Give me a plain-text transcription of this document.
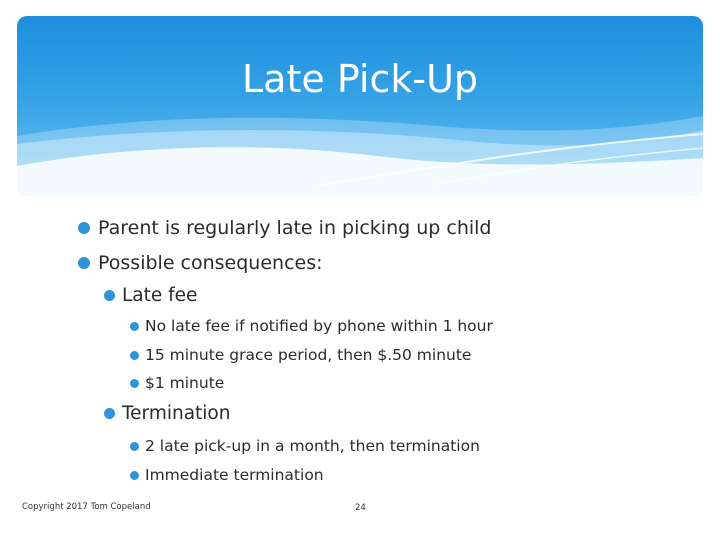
Late Pick-Up
Parent is regularly late in picking up child
Possible consequences:
Late fee
No late fee if notified by phone within 1 hour
15 minute grace period, then $.50 minute
$1 minute
Termination
2 late pick-up in a month, then termination
Immediate termination
Copyright 2017 Tom Copeland	24
